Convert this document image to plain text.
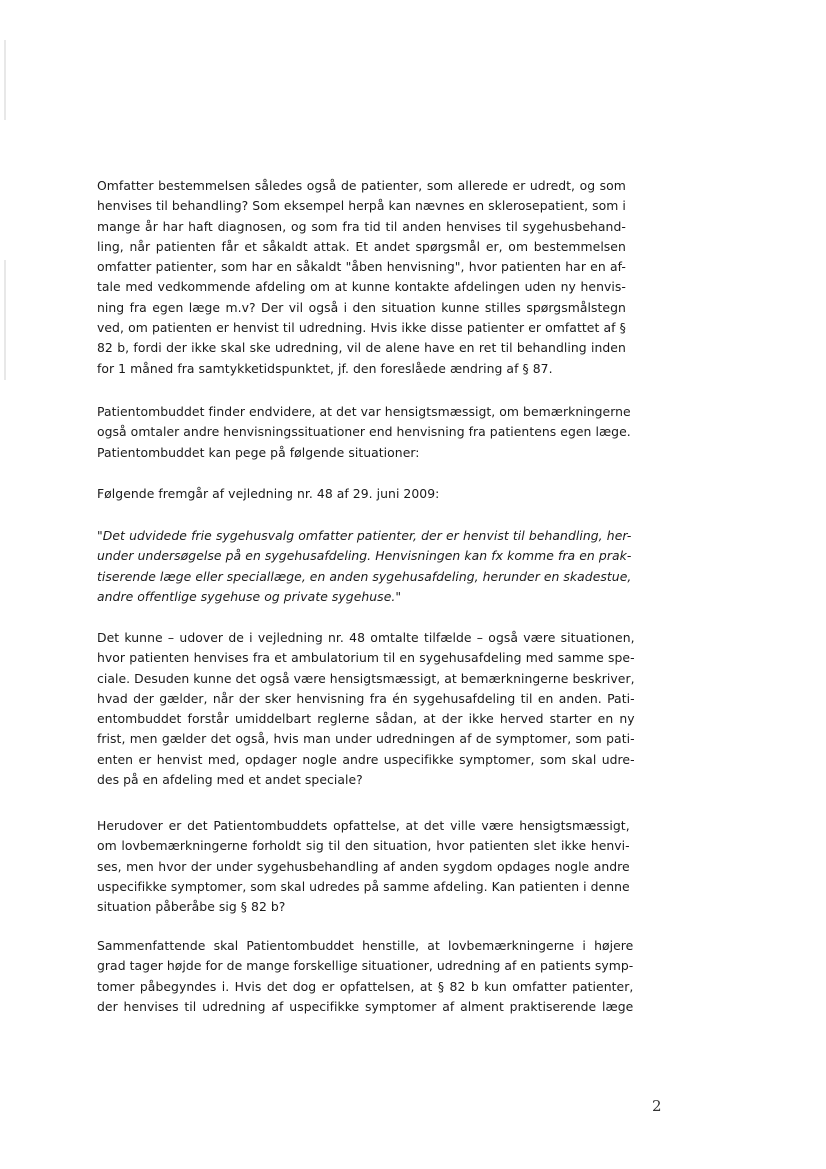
Omfatter bestemmelsen således også de patienter, som allerede er udredt, og som
henvises til behandling? Som eksempel herpå kan nævnes en sklerosepatient, som i
mange år har haft diagnosen, og som fra tid til anden henvises til sygehusbehand-
ling, når patienten får et såkaldt attak. Et andet spørgsmål er, om bestemmelsen
omfatter patienter, som har en såkaldt "åben henvisning", hvor patienten har en af-
tale med vedkommende afdeling om at kunne kontakte afdelingen uden ny henvis-
ning fra egen læge m.v? Der vil også i den situation kunne stilles spørgsmålstegn
ved, om patienten er henvist til udredning. Hvis ikke disse patienter er omfattet af §
82 b, fordi der ikke skal ske udredning, vil de alene have en ret til behandling inden
for 1 måned fra samtykketidspunktet, jf. den foreslåede ændring af § 87.

Patientombuddet finder endvidere, at det var hensigtsmæssigt, om bemærkningerne
også omtaler andre henvisningssituationer end henvisning fra patientens egen læge.
Patientombuddet kan pege på følgende situationer:

Følgende fremgår af vejledning nr. 48 af 29. juni 2009:

"Det udvidede frie sygehusvalg omfatter patienter, der er henvist til behandling, her-
under undersøgelse på en sygehusafdeling. Henvisningen kan fx komme fra en prak-
tiserende læge eller speciallæge, en anden sygehusafdeling, herunder en skadestue,
andre offentlige sygehuse og private sygehuse."

Det kunne – udover de i vejledning nr. 48 omtalte tilfælde – også være situationen,
hvor patienten henvises fra et ambulatorium til en sygehusafdeling med samme spe-
ciale. Desuden kunne det også være hensigtsmæssigt, at bemærkningerne beskriver,
hvad der gælder, når der sker henvisning fra én sygehusafdeling til en anden. Pati-
entombuddet forstår umiddelbart reglerne sådan, at der ikke herved starter en ny
frist, men gælder det også, hvis man under udredningen af de symptomer, som pati-
enten er henvist med, opdager nogle andre uspecifikke symptomer, som skal udre-
des på en afdeling med et andet speciale?

Herudover er det Patientombuddets opfattelse, at det ville være hensigtsmæssigt,
om lovbemærkningerne forholdt sig til den situation, hvor patienten slet ikke henvi-
ses, men hvor der under sygehusbehandling af anden sygdom opdages nogle andre
uspecifikke symptomer, som skal udredes på samme afdeling. Kan patienten i denne
situation påberåbe sig § 82 b?

Sammenfattende skal Patientombuddet henstille, at lovbemærkningerne i højere
grad tager højde for de mange forskellige situationer, udredning af en patients symp-
tomer påbegyndes i. Hvis det dog er opfattelsen, at § 82 b kun omfatter patienter,
der henvises til udredning af uspecifikke symptomer af alment praktiserende læge

2
